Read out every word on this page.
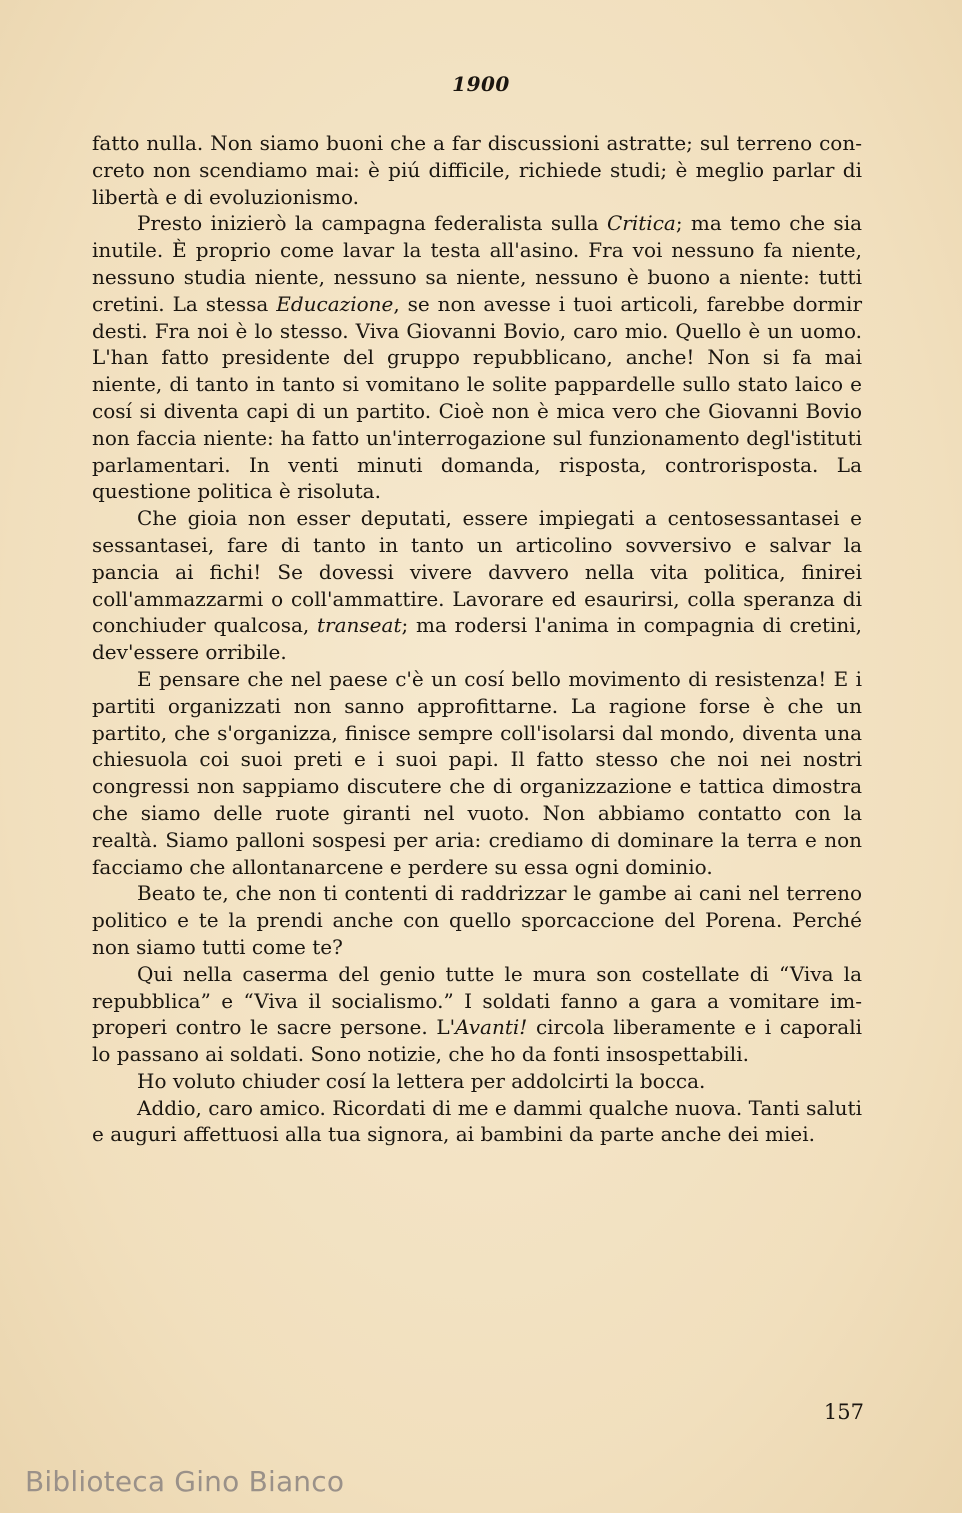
1900

fatto nulla. Non siamo buoni che a far discussioni astratte; sul terreno concreto non scendiamo mai: è piú difficile, richiede studi; è meglio parlar di libertà e di evoluzionismo.

Presto inizierò la campagna federalista sulla Critica; ma temo che sia inutile. È proprio come lavar la testa all'asino. Fra voi nessuno fa niente, nessuno studia niente, nessuno sa niente, nessuno è buono a niente: tutti cretini. La stessa Educazione, se non avesse i tuoi articoli, farebbe dormir desti. Fra noi è lo stesso. Viva Giovanni Bovio, caro mio. Quello è un uomo. L'han fatto presidente del gruppo repubblicano, anche! Non si fa mai niente, di tanto in tanto si vomitano le solite pappardelle sullo stato laico e cosí si diventa capi di un partito. Cioè non è mica vero che Giovanni Bovio non faccia niente: ha fatto un'interrogazione sul funzionamento degl'istituti parlamentari. In venti minuti domanda, risposta, controrisposta. La questione politica è risoluta.

Che gioia non esser deputati, essere impiegati a centosessantasei e sessantasei, fare di tanto in tanto un articolino sovversivo e salvar la pancia ai fichi! Se dovessi vivere davvero nella vita politica, finirei coll'ammazzarmi o coll'ammattire. Lavorare ed esaurirsi, colla speranza di conchiuder qualcosa, transeat; ma rodersi l'anima in compagnia di cretini, dev'essere orribile.

E pensare che nel paese c'è un cosí bello movimento di resistenza! E i partiti organizzati non sanno approfittarne. La ragione forse è che un partito, che s'organizza, finisce sempre coll'isolarsi dal mondo, diventa una chiesuola coi suoi preti e i suoi papi. Il fatto stesso che noi nei nostri congressi non sappiamo discutere che di organizzazione e tattica dimostra che siamo delle ruote giranti nel vuoto. Non abbiamo contatto con la realtà. Siamo palloni sospesi per aria: crediamo di dominare la terra e non facciamo che allontanarcene e perdere su essa ogni dominio.

Beato te, che non ti contenti di raddrizzar le gambe ai cani nel terreno politico e te la prendi anche con quello sporcaccione del Porena. Perché non siamo tutti come te?

Qui nella caserma del genio tutte le mura son costellate di “Viva la repubblica” e “Viva il socialismo.” I soldati fanno a gara a vomitare improperi contro le sacre persone. L'Avanti! circola liberamente e i caporali lo passano ai soldati. Sono notizie, che ho da fonti insospettabili.

Ho voluto chiuder cosí la lettera per addolcirti la bocca.

Addio, caro amico. Ricordati di me e dammi qualche nuova. Tanti saluti e auguri affettuosi alla tua signora, ai bambini da parte anche dei miei.

157
Biblioteca Gino Bianco
